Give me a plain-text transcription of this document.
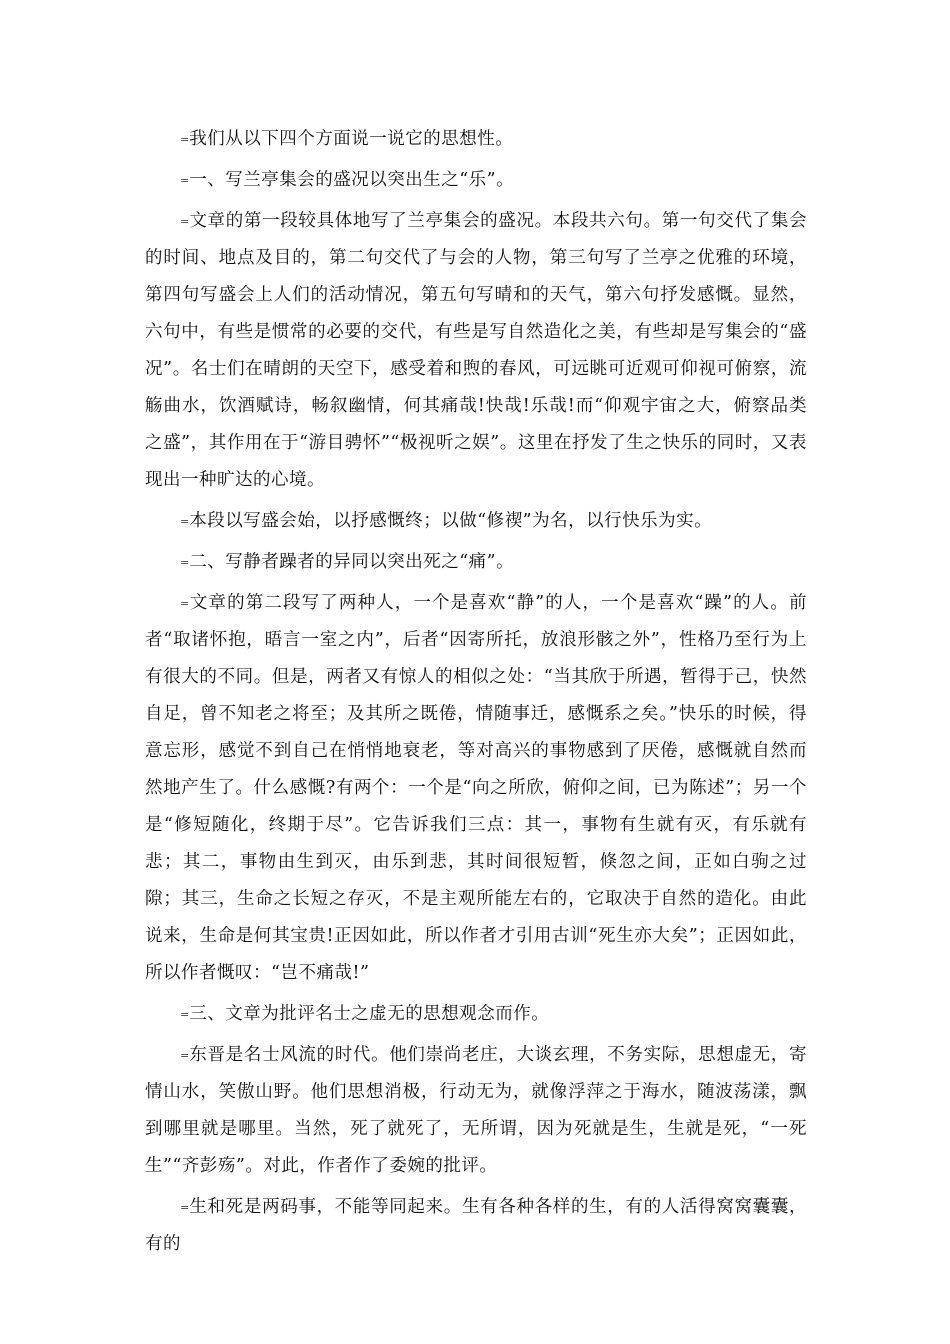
=我们从以下四个方面说一说它的思想性。

=一、写兰亭集会的盛况以突出生之“乐”。

=文章的第一段较具体地写了兰亭集会的盛况。本段共六句。第一句交代了集会的时间、地点及目的，第二句交代了与会的人物，第三句写了兰亭之优雅的环境，第四句写盛会上人们的活动情况，第五句写晴和的天气，第六句抒发感慨。显然，六句中，有些是惯常的必要的交代，有些是写自然造化之美，有些却是写集会的“盛况”。名士们在晴朗的天空下，感受着和煦的春风，可远眺可近观可仰视可俯察，流觞曲水，饮酒赋诗，畅叙幽情，何其痛哉!快哉!乐哉!而“仰观宇宙之大，俯察品类之盛”，其作用在于“游目骋怀”“极视听之娱”。这里在抒发了生之快乐的同时，又表现出一种旷达的心境。

=本段以写盛会始，以抒感慨终；以做“修禊”为名，以行快乐为实。

=二、写静者躁者的异同以突出死之“痛”。

=文章的第二段写了两种人，一个是喜欢“静”的人，一个是喜欢“躁”的人。前者“取诸怀抱，晤言一室之内”，后者“因寄所托，放浪形骸之外”，性格乃至行为上有很大的不同。但是，两者又有惊人的相似之处：“当其欣于所遇，暂得于己，快然自足，曾不知老之将至；及其所之既倦，情随事迁，感慨系之矣。”快乐的时候，得意忘形，感觉不到自己在悄悄地衰老，等对高兴的事物感到了厌倦，感慨就自然而然地产生了。什么感慨?有两个：一个是“向之所欣，俯仰之间，已为陈述”；另一个是“修短随化，终期于尽”。它告诉我们三点：其一，事物有生就有灭，有乐就有悲；其二，事物由生到灭，由乐到悲，其时间很短暂，倏忽之间，正如白驹之过隙；其三，生命之长短之存灭，不是主观所能左右的，它取决于自然的造化。由此说来，生命是何其宝贵!正因如此，所以作者才引用古训“死生亦大矣”；正因如此，所以作者慨叹：“岂不痛哉!”

=三、文章为批评名士之虚无的思想观念而作。

=东晋是名士风流的时代。他们崇尚老庄，大谈玄理，不务实际，思想虚无，寄情山水，笑傲山野。他们思想消极，行动无为，就像浮萍之于海水，随波荡漾，飘到哪里就是哪里。当然，死了就死了，无所谓，因为死就是生，生就是死，“一死生”“齐彭殇”。对此，作者作了委婉的批评。

=生和死是两码事，不能等同起来。生有各种各样的生，有的人活得窝窝囊囊，有的
